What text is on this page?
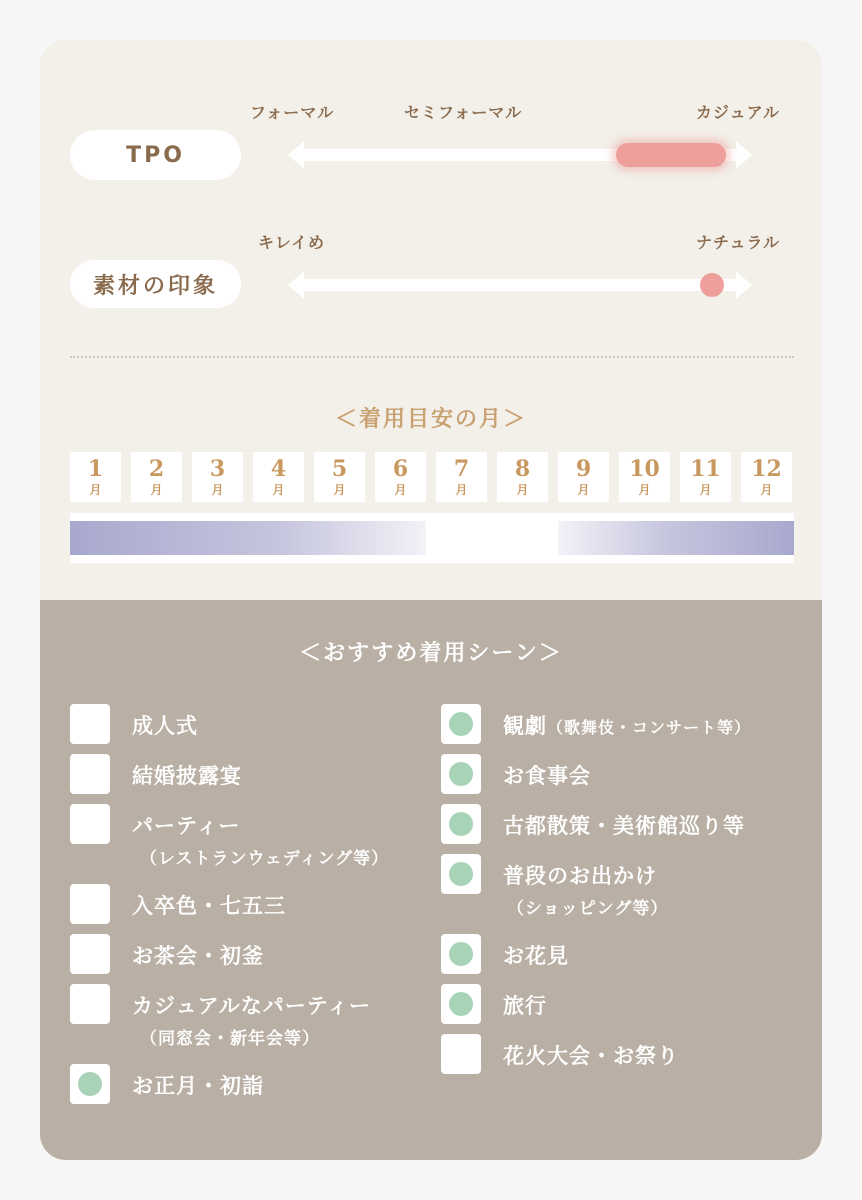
フォーマル	セミフォーマル	カジュアル
TPO
キレイめ	ナチュラル
素材の印象
＜着用目安の月＞
1
月
2
月
3
月
4
月
5
月
6
月
7
月
8
月
9
月
10
月
11
月
12
月
＜おすすめ着用シーン＞
成人式
結婚披露宴
パーティー
（レストランウェディング等）
入卒色・七五三
お茶会・初釜
カジュアルなパーティー
（同窓会・新年会等）
お正月・初詣
観劇（歌舞伎・コンサート等）
お食事会
古都散策・美術館巡り等
普段のお出かけ
（ショッピング等）
お花見
旅行
花火大会・お祭り
